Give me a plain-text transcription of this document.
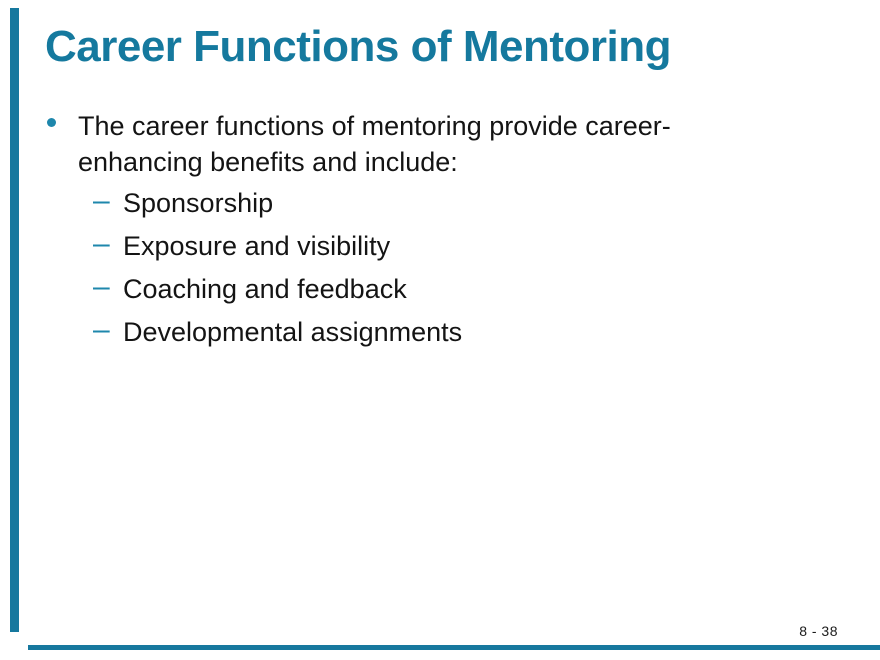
Career Functions of Mentoring

The career functions of mentoring provide career-enhancing benefits and include:

– Sponsorship
– Exposure and visibility
– Coaching and feedback
– Developmental assignments
8 - 38
